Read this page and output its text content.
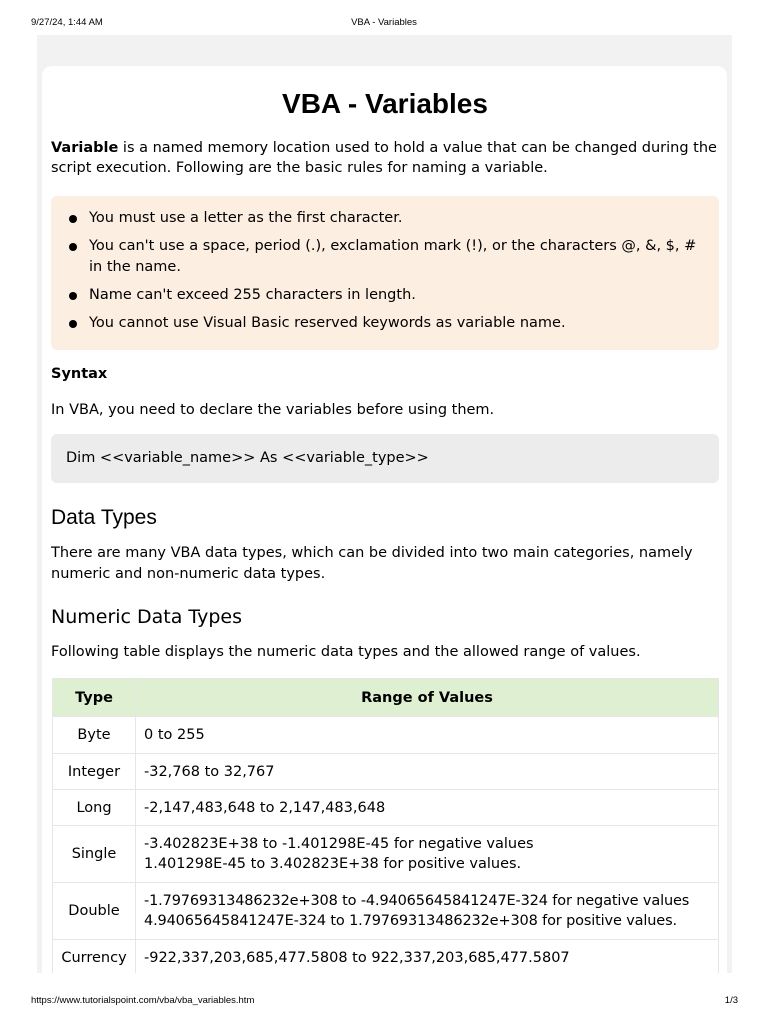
9/27/24, 1:44 AM	VBA - Variables
VBA - Variables

Variable is a named memory location used to hold a value that can be changed during the script execution. Following are the basic rules for naming a variable.

You must use a letter as the first character.
You can't use a space, period (.), exclamation mark (!), or the characters @, &, $, # in the name.
Name can't exceed 255 characters in length.
You cannot use Visual Basic reserved keywords as variable name.

Syntax

In VBA, you need to declare the variables before using them.

Dim <<variable_name>> As <<variable_type>>
Data Types

There are many VBA data types, which can be divided into two main categories, namely numeric and non-numeric data types.

Numeric Data Types

Following table displays the numeric data types and the allowed range of values.

Type	Range of Values
Byte	0 to 255
Integer	-32,768 to 32,767
Long	-2,147,483,648 to 2,147,483,648
Single	-3.402823E+38 to -1.401298E-45 for negative values
1.401298E-45 to 3.402823E+38 for positive values.
Double	-1.79769313486232e+308 to -4.94065645841247E-324 for negative values
4.94065645841247E-324 to 1.79769313486232e+308 for positive values.
Currency	-922,337,203,685,477.5808 to 922,337,203,685,477.5807
https://www.tutorialspoint.com/vba/vba_variables.htm	1/3
